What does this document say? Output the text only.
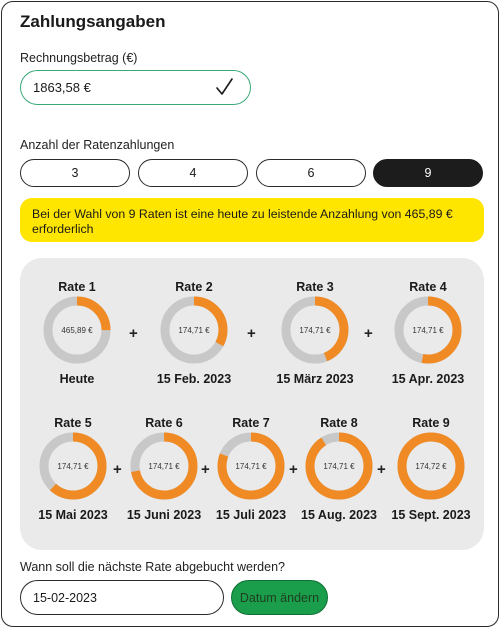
Zahlungsangaben
Rechnungsbetrag (€)
1863,58 €
Anzahl der Ratenzahlungen
3	4	6	9
Bei der Wahl von 9 Raten ist eine heute zu leistende Anzahlung von 465,89 € erforderlich
Rate 1
465,89 €
Heute
+
Rate 2
174,71 €
15 Feb. 2023
+
Rate 3
174,71 €
15 März 2023
+
Rate 4
174,71 €
15 Apr. 2023
Rate 5
174,71 €
15 Mai 2023
+
Rate 6
174,71 €
15 Juni 2023
+
Rate 7
174,71 €
15 Juli 2023
+
Rate 8
174,71 €
15 Aug. 2023
+
Rate 9
174,72 €
15 Sept. 2023
Wann soll die nächste Rate abgebucht werden?
15-02-2023	Datum ändern
